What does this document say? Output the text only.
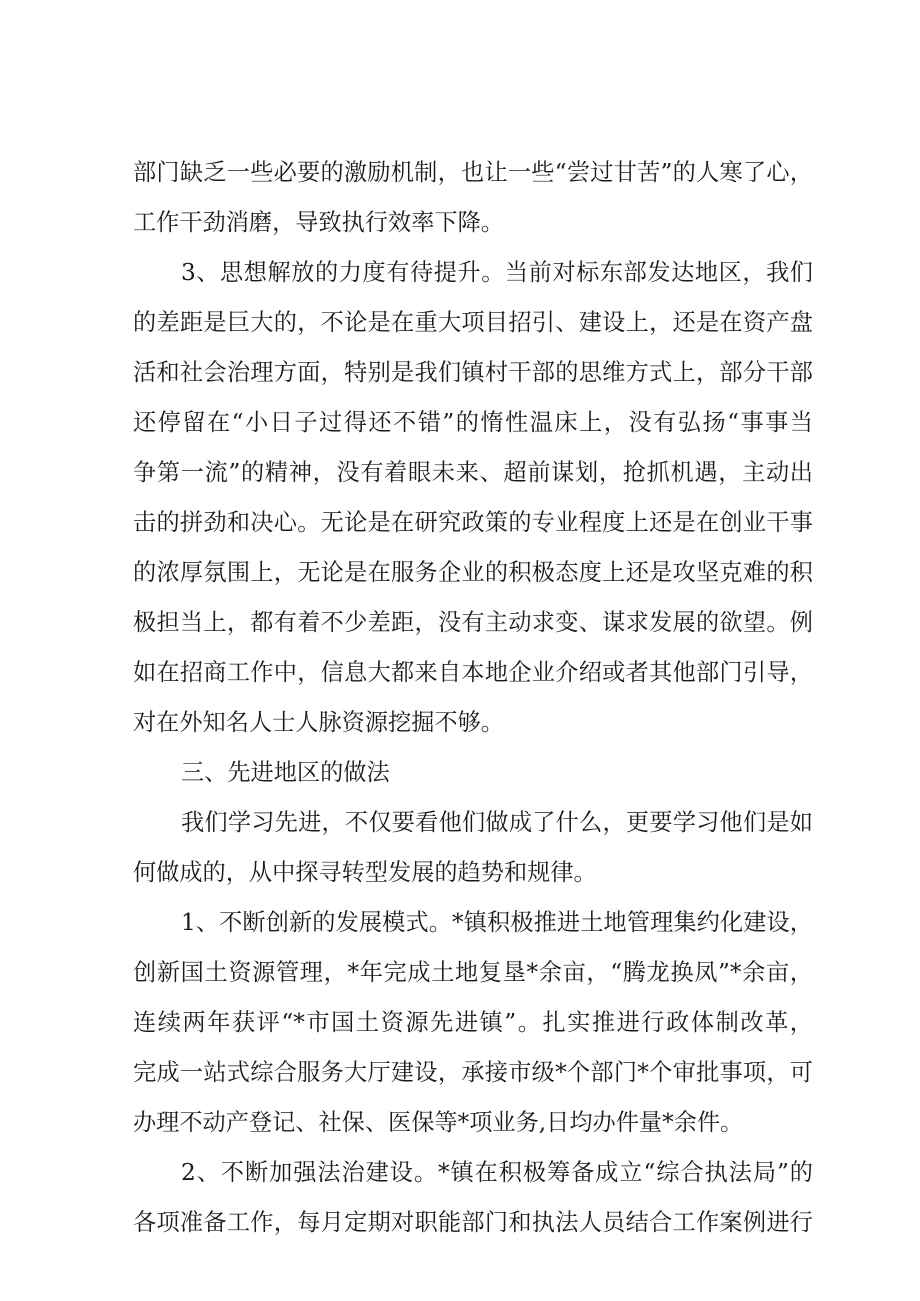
部门缺乏一些必要的激励机制，也让一些“尝过甘苦”的人寒了心，
工作干劲消磨，导致执行效率下降。
3、思想解放的力度有待提升。当前对标东部发达地区，我们
的差距是巨大的，不论是在重大项目招引、建设上，还是在资产盘
活和社会治理方面，特别是我们镇村干部的思维方式上，部分干部
还停留在“小日子过得还不错”的惰性温床上，没有弘扬“事事当
争第一流”的精神，没有着眼未来、超前谋划，抢抓机遇，主动出
击的拼劲和决心。无论是在研究政策的专业程度上还是在创业干事
的浓厚氛围上，无论是在服务企业的积极态度上还是攻坚克难的积
极担当上，都有着不少差距，没有主动求变、谋求发展的欲望。例
如在招商工作中，信息大都来自本地企业介绍或者其他部门引导，
对在外知名人士人脉资源挖掘不够。
三、先进地区的做法
我们学习先进，不仅要看他们做成了什么，更要学习他们是如
何做成的，从中探寻转型发展的趋势和规律。
1、不断创新的发展模式。*镇积极推进土地管理集约化建设，
创新国土资源管理，*年完成土地复垦*余亩，“腾龙换凤”*余亩，
连续两年获评“*市国土资源先进镇”。扎实推进行政体制改革，
完成一站式综合服务大厅建设，承接市级*个部门*个审批事项，可
办理不动产登记、社保、医保等*项业务,日均办件量*余件。
2、不断加强法治建设。*镇在积极筹备成立“综合执法局”的
各项准备工作，每月定期对职能部门和执法人员结合工作案例进行
